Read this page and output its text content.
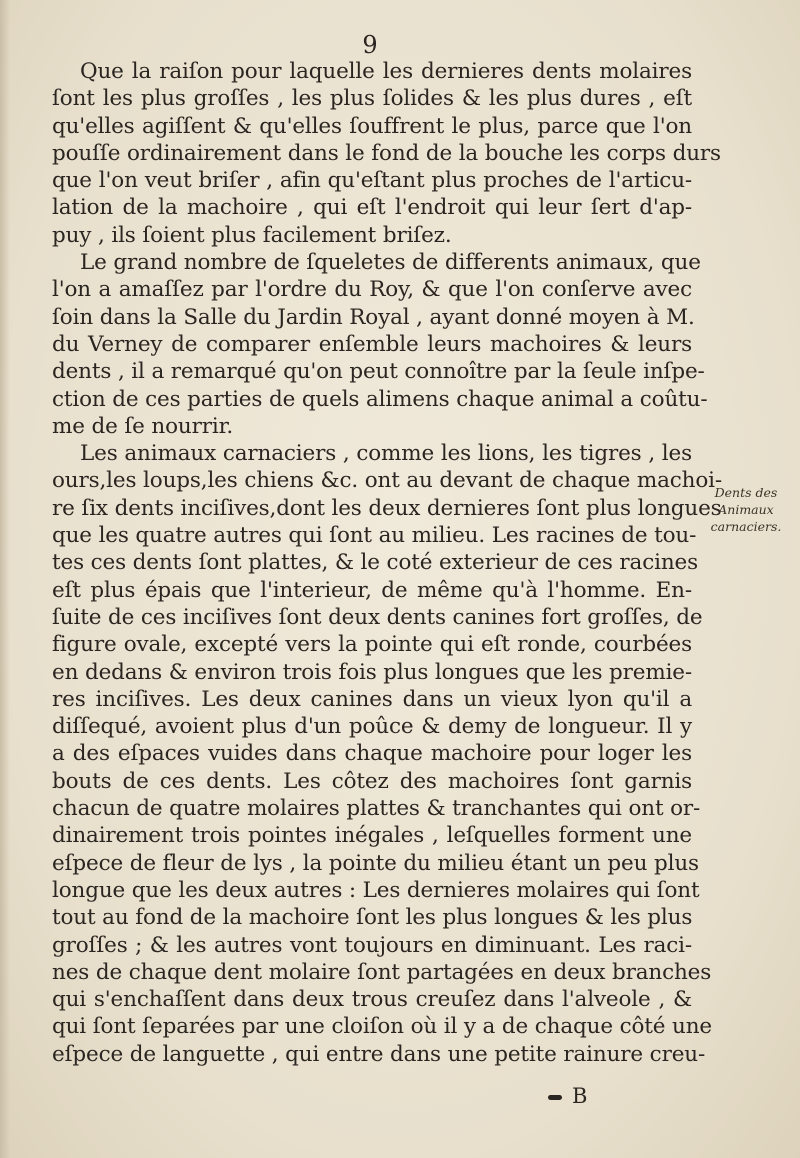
9
Que la raiſon pour laquelle les dernieres dents molaires
ſont les plus groſſes , les plus ſolides & les plus dures , eſt
qu'elles agiſſent & qu'elles ſouffrent le plus, parce que l'on
pouſſe ordinairement dans le fond de la bouche les corps durs
que l'on veut briſer , afin qu'eſtant plus proches de l'articu-
lation de la machoire , qui eſt l'endroit qui leur ſert d'ap-
puy , ils ſoient plus facilement briſez.
Le grand nombre de ſqueletes de differents animaux, que
l'on a amaſſez par l'ordre du Roy, & que l'on conſerve avec
ſoin dans la Salle du Jardin Royal , ayant donné moyen à M.
du Verney de comparer enſemble leurs machoires & leurs
dents , il a remarqué qu'on peut connoître par la ſeule inſpe-
ction de ces parties de quels alimens chaque animal a coûtu-
me de ſe nourrir.
Les animaux carnaciers , comme les lions, les tigres , les
ours,les loups,les chiens &c. ont au devant de chaque machoi-
re ſix dents inciſives,dont les deux dernieres ſont plus longues
que les quatre autres qui ſont au milieu. Les racines de tou-
tes ces dents ſont plattes, & le coté exterieur de ces racines
eſt plus épais que l'interieur, de même qu'à l'homme. En-
ſuite de ces inciſives ſont deux dents canines fort groſſes, de
figure ovale, excepté vers la pointe qui eſt ronde, courbées
en dedans & environ trois fois plus longues que les premie-
res inciſives. Les deux canines dans un vieux lyon qu'il a
diſſequé, avoient plus d'un poûce & demy de longueur. Il y
a des eſpaces vuides dans chaque machoire pour loger les
bouts de ces dents. Les côtez des machoires ſont garnis
chacun de quatre molaires plattes & tranchantes qui ont or-
dinairement trois pointes inégales , leſquelles forment une
eſpece de fleur de lys , la pointe du milieu étant un peu plus
longue que les deux autres : Les dernieres molaires qui ſont
tout au fond de la machoire ſont les plus longues & les plus
groſſes ; & les autres vont toujours en diminuant. Les raci-
nes de chaque dent molaire ſont partagées en deux branches
qui s'enchaſſent dans deux trous creuſez dans l'alveole , &
qui ſont ſeparées par une cloiſon où il y a de chaque côté une
eſpece de languette , qui entre dans une petite rainure creu-
Dents des
Animaux
carnaciers.
B
